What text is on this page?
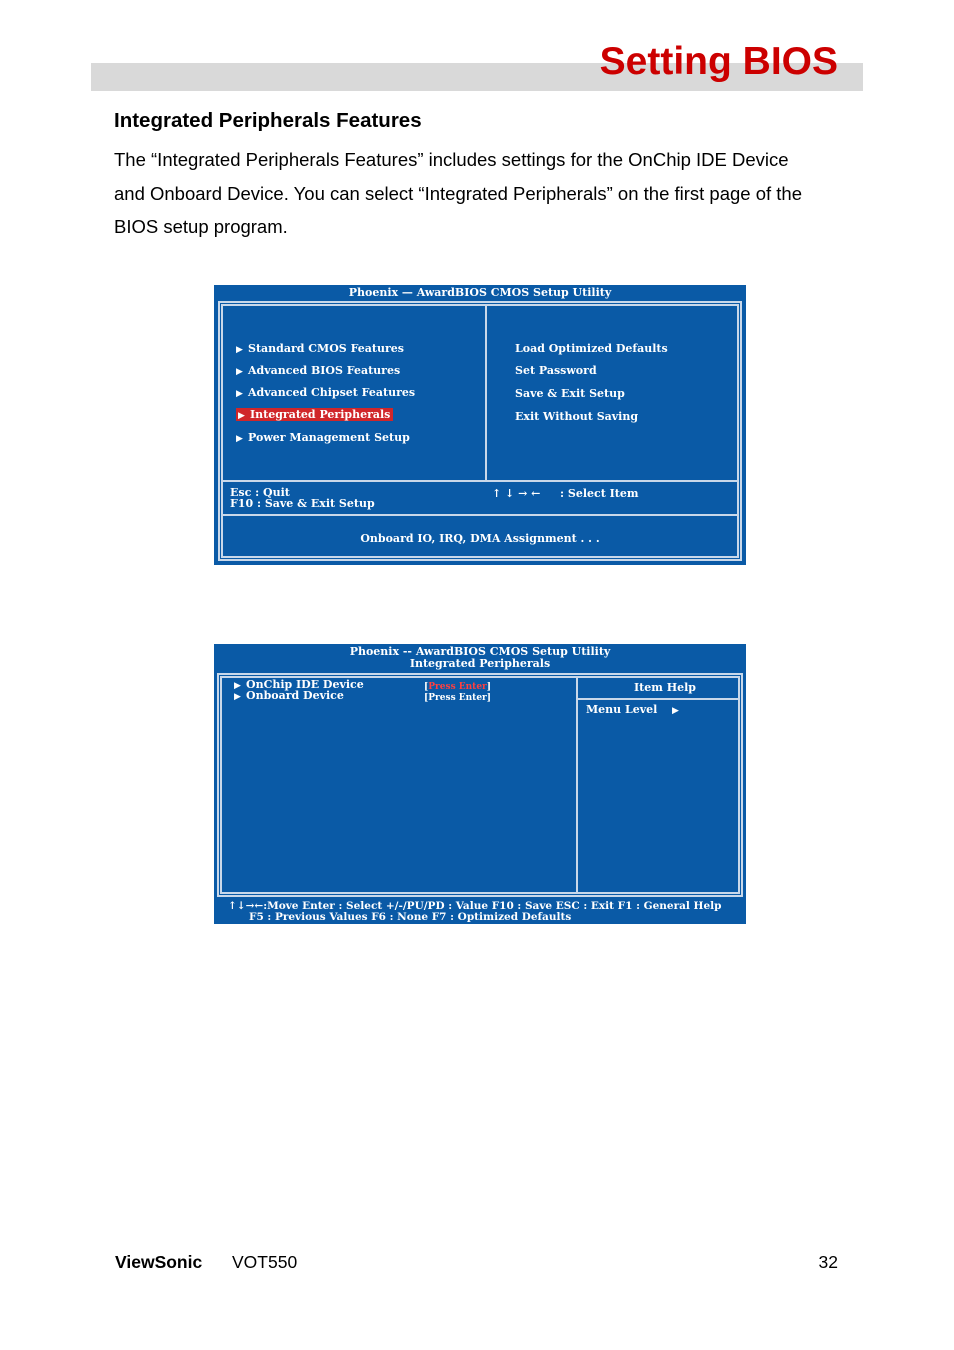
Setting BIOS
Integrated Peripherals Features

The “Integrated Peripherals Features” includes settings for the OnChip IDE Device

and Onboard Device. You can select “Integrated Peripherals” on the first page of the

BIOS setup program.

Phoenix — AwardBIOS CMOS Setup Utility
▶ Standard CMOS Features
▶ Advanced BIOS Features
▶ Advanced Chipset Features
▶ Integrated Peripherals
▶ Power Management Setup
Load Optimized Defaults
Set Password
Save & Exit Setup
Exit Without Saving
Esc : Quit
F10 : Save & Exit Setup
↑ ↓ → ← : Select Item
Onboard IO, IRQ, DMA Assignment . . .
Phoenix -- AwardBIOS CMOS Setup Utility
Integrated Peripherals
▶ OnChip IDE Device
▶ Onboard Device
[Press Enter]
[Press Enter]
Item Help
Menu Level ▶
↑↓→←:Move Enter : Select +/-/PU/PD : Value F10 : Save ESC : Exit F1 : General Help
F5 : Previous Values F6 : None F7 : Optimized Defaults
ViewSonic VOT550	32
